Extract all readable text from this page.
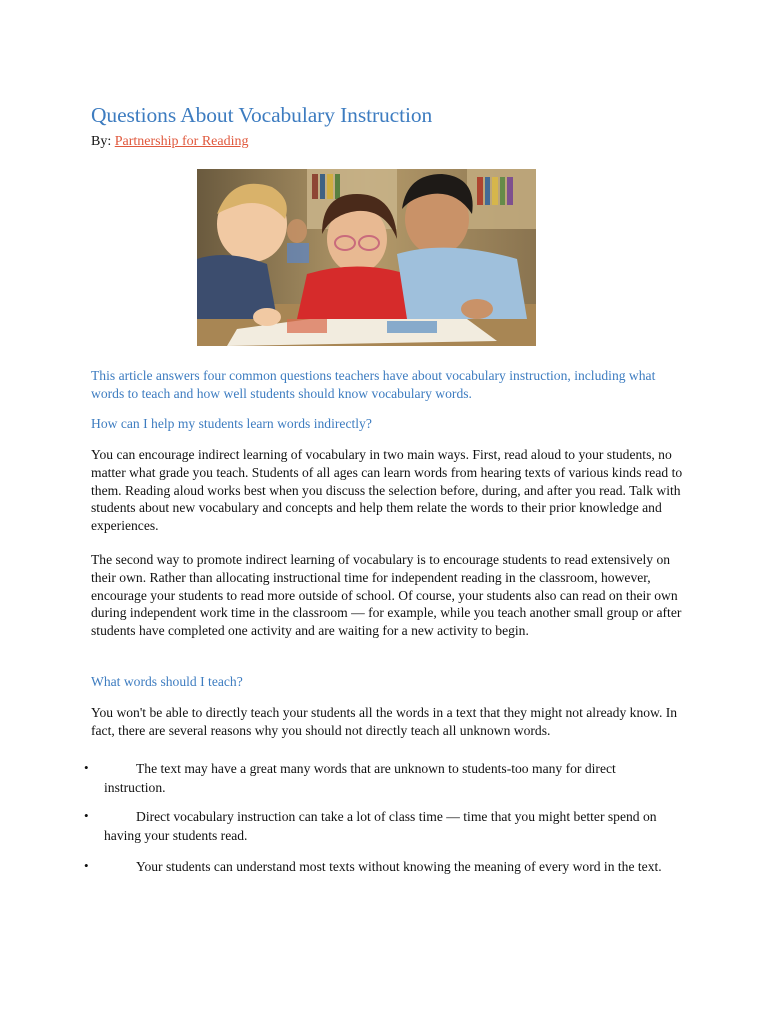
Questions About Vocabulary Instruction
By: Partnership for Reading
This article answers four common questions teachers have about vocabulary instruction, including what words to teach and how well students should know vocabulary words.
How can I help my students learn words indirectly?
You can encourage indirect learning of vocabulary in two main ways. First, read aloud to your students, no matter what grade you teach. Students of all ages can learn words from hearing texts of various kinds read to them. Reading aloud works best when you discuss the selection before, during, and after you read. Talk with students about new vocabulary and concepts and help them relate the words to their prior knowledge and experiences.
The second way to promote indirect learning of vocabulary is to encourage students to read extensively on their own. Rather than allocating instructional time for independent reading in the classroom, however, encourage your students to read more outside of school. Of course, your students also can read on their own during independent work time in the classroom — for example, while you teach another small group or after students have completed one activity and are waiting for a new activity to begin.
What words should I teach?
You won't be able to directly teach your students all the words in a text that they might not already know. In fact, there are several reasons why you should not directly teach all unknown words.
•	The text may have a great many words that are unknown to students-too many for direct instruction.
•	Direct vocabulary instruction can take a lot of class time — time that you might better spend on having your students read.
•	Your students can understand most texts without knowing the meaning of every word in the text.
